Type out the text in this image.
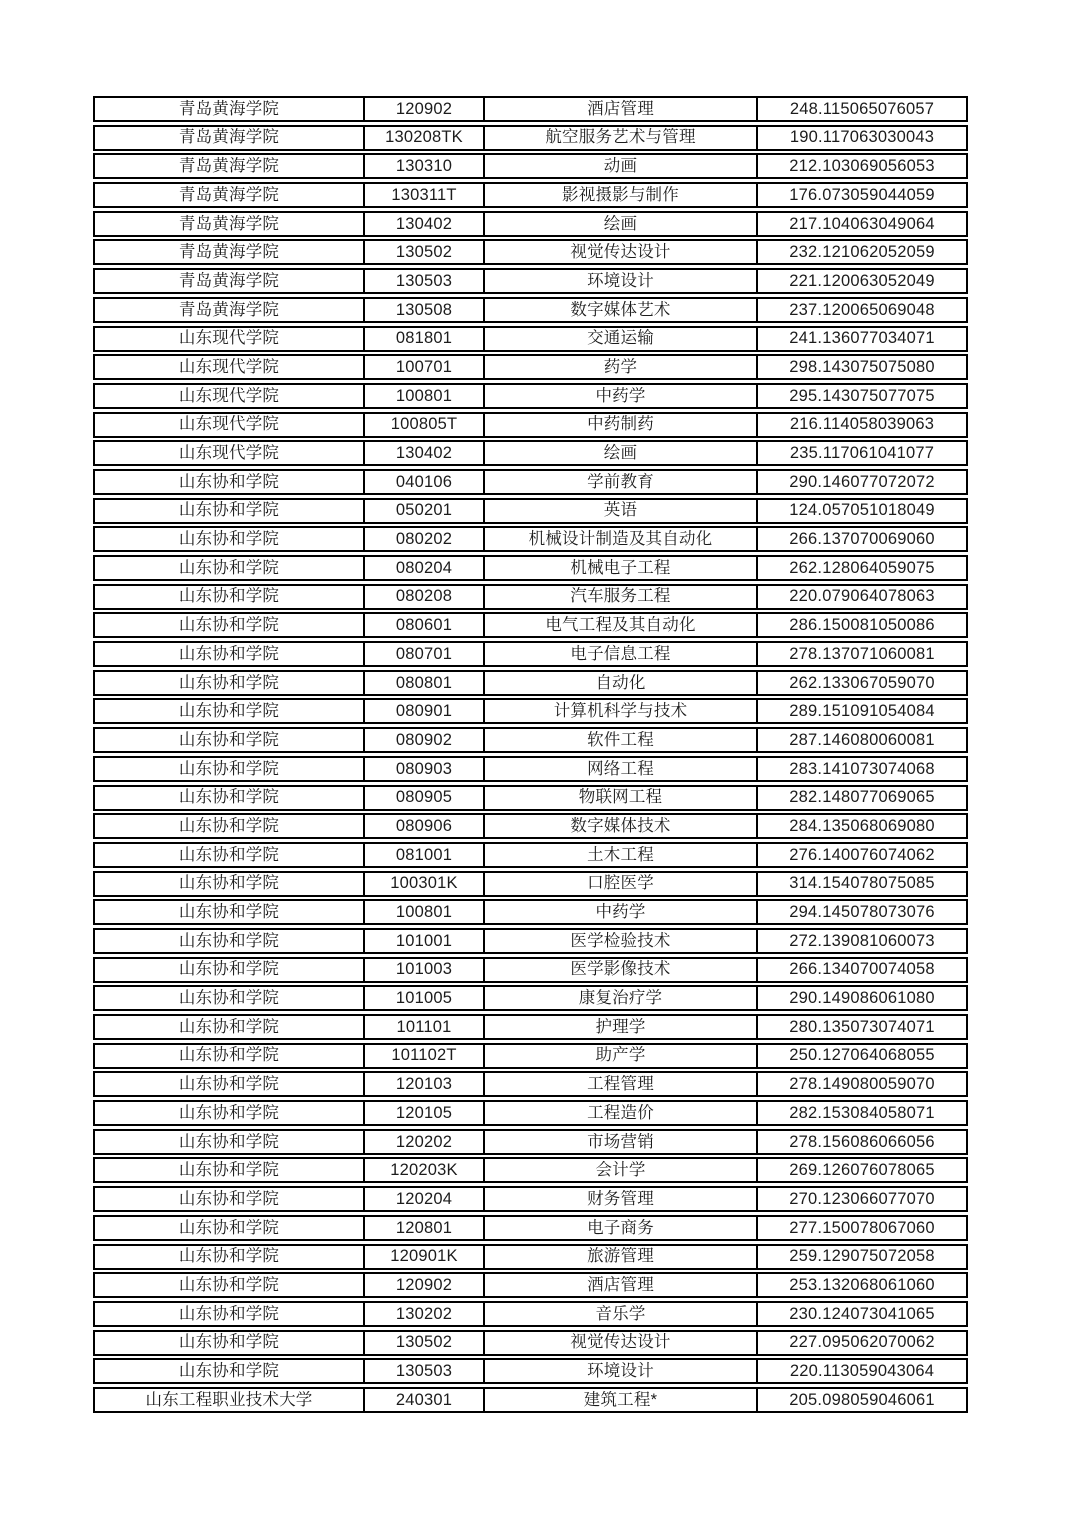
青岛黄海学院	120902	酒店管理	248.115065076057
青岛黄海学院	130208TK	航空服务艺术与管理	190.117063030043
青岛黄海学院	130310	动画	212.103069056053
青岛黄海学院	130311T	影视摄影与制作	176.073059044059
青岛黄海学院	130402	绘画	217.104063049064
青岛黄海学院	130502	视觉传达设计	232.121062052059
青岛黄海学院	130503	环境设计	221.120063052049
青岛黄海学院	130508	数字媒体艺术	237.120065069048
山东现代学院	081801	交通运输	241.136077034071
山东现代学院	100701	药学	298.143075075080
山东现代学院	100801	中药学	295.143075077075
山东现代学院	100805T	中药制药	216.114058039063
山东现代学院	130402	绘画	235.117061041077
山东协和学院	040106	学前教育	290.146077072072
山东协和学院	050201	英语	124.057051018049
山东协和学院	080202	机械设计制造及其自动化	266.137070069060
山东协和学院	080204	机械电子工程	262.128064059075
山东协和学院	080208	汽车服务工程	220.079064078063
山东协和学院	080601	电气工程及其自动化	286.150081050086
山东协和学院	080701	电子信息工程	278.137071060081
山东协和学院	080801	自动化	262.133067059070
山东协和学院	080901	计算机科学与技术	289.151091054084
山东协和学院	080902	软件工程	287.146080060081
山东协和学院	080903	网络工程	283.141073074068
山东协和学院	080905	物联网工程	282.148077069065
山东协和学院	080906	数字媒体技术	284.135068069080
山东协和学院	081001	土木工程	276.140076074062
山东协和学院	100301K	口腔医学	314.154078075085
山东协和学院	100801	中药学	294.145078073076
山东协和学院	101001	医学检验技术	272.139081060073
山东协和学院	101003	医学影像技术	266.134070074058
山东协和学院	101005	康复治疗学	290.149086061080
山东协和学院	101101	护理学	280.135073074071
山东协和学院	101102T	助产学	250.127064068055
山东协和学院	120103	工程管理	278.149080059070
山东协和学院	120105	工程造价	282.153084058071
山东协和学院	120202	市场营销	278.156086066056
山东协和学院	120203K	会计学	269.126076078065
山东协和学院	120204	财务管理	270.123066077070
山东协和学院	120801	电子商务	277.150078067060
山东协和学院	120901K	旅游管理	259.129075072058
山东协和学院	120902	酒店管理	253.132068061060
山东协和学院	130202	音乐学	230.124073041065
山东协和学院	130502	视觉传达设计	227.095062070062
山东协和学院	130503	环境设计	220.113059043064
山东工程职业技术大学	240301	建筑工程*	205.098059046061
